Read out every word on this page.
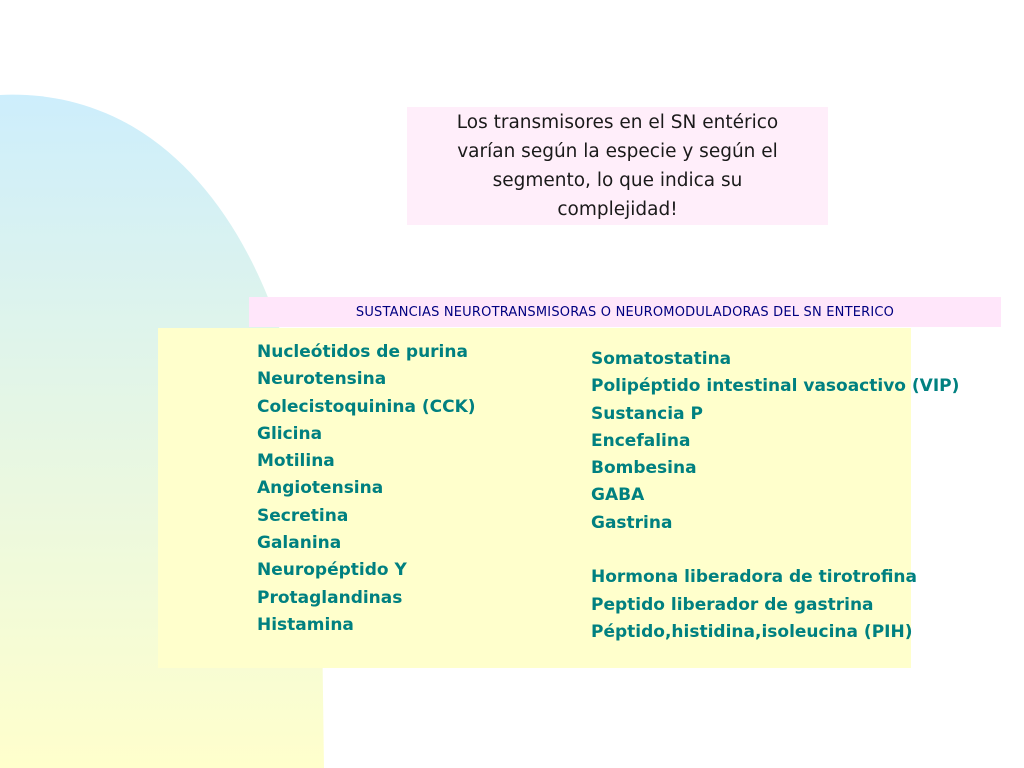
Los transmisores en el SN entérico
varían según la especie y según el
segmento, lo que indica su
complejidad!
SUSTANCIAS NEUROTRANSMISORAS O NEUROMODULADORAS DEL SN ENTERICO
Nucleótidos de purina
Neurotensina
Colecistoquinina (CCK)
Glicina
Motilina
Angiotensina
Secretina
Galanina
Neuropéptido Y
Protaglandinas
Histamina
Somatostatina
Polipéptido intestinal vasoactivo (VIP)
Sustancia P
Encefalina
Bombesina
GABA
Gastrina
Hormona liberadora de tirotrofina
Peptido liberador de gastrina
Péptido,histidina,isoleucina (PIH)
